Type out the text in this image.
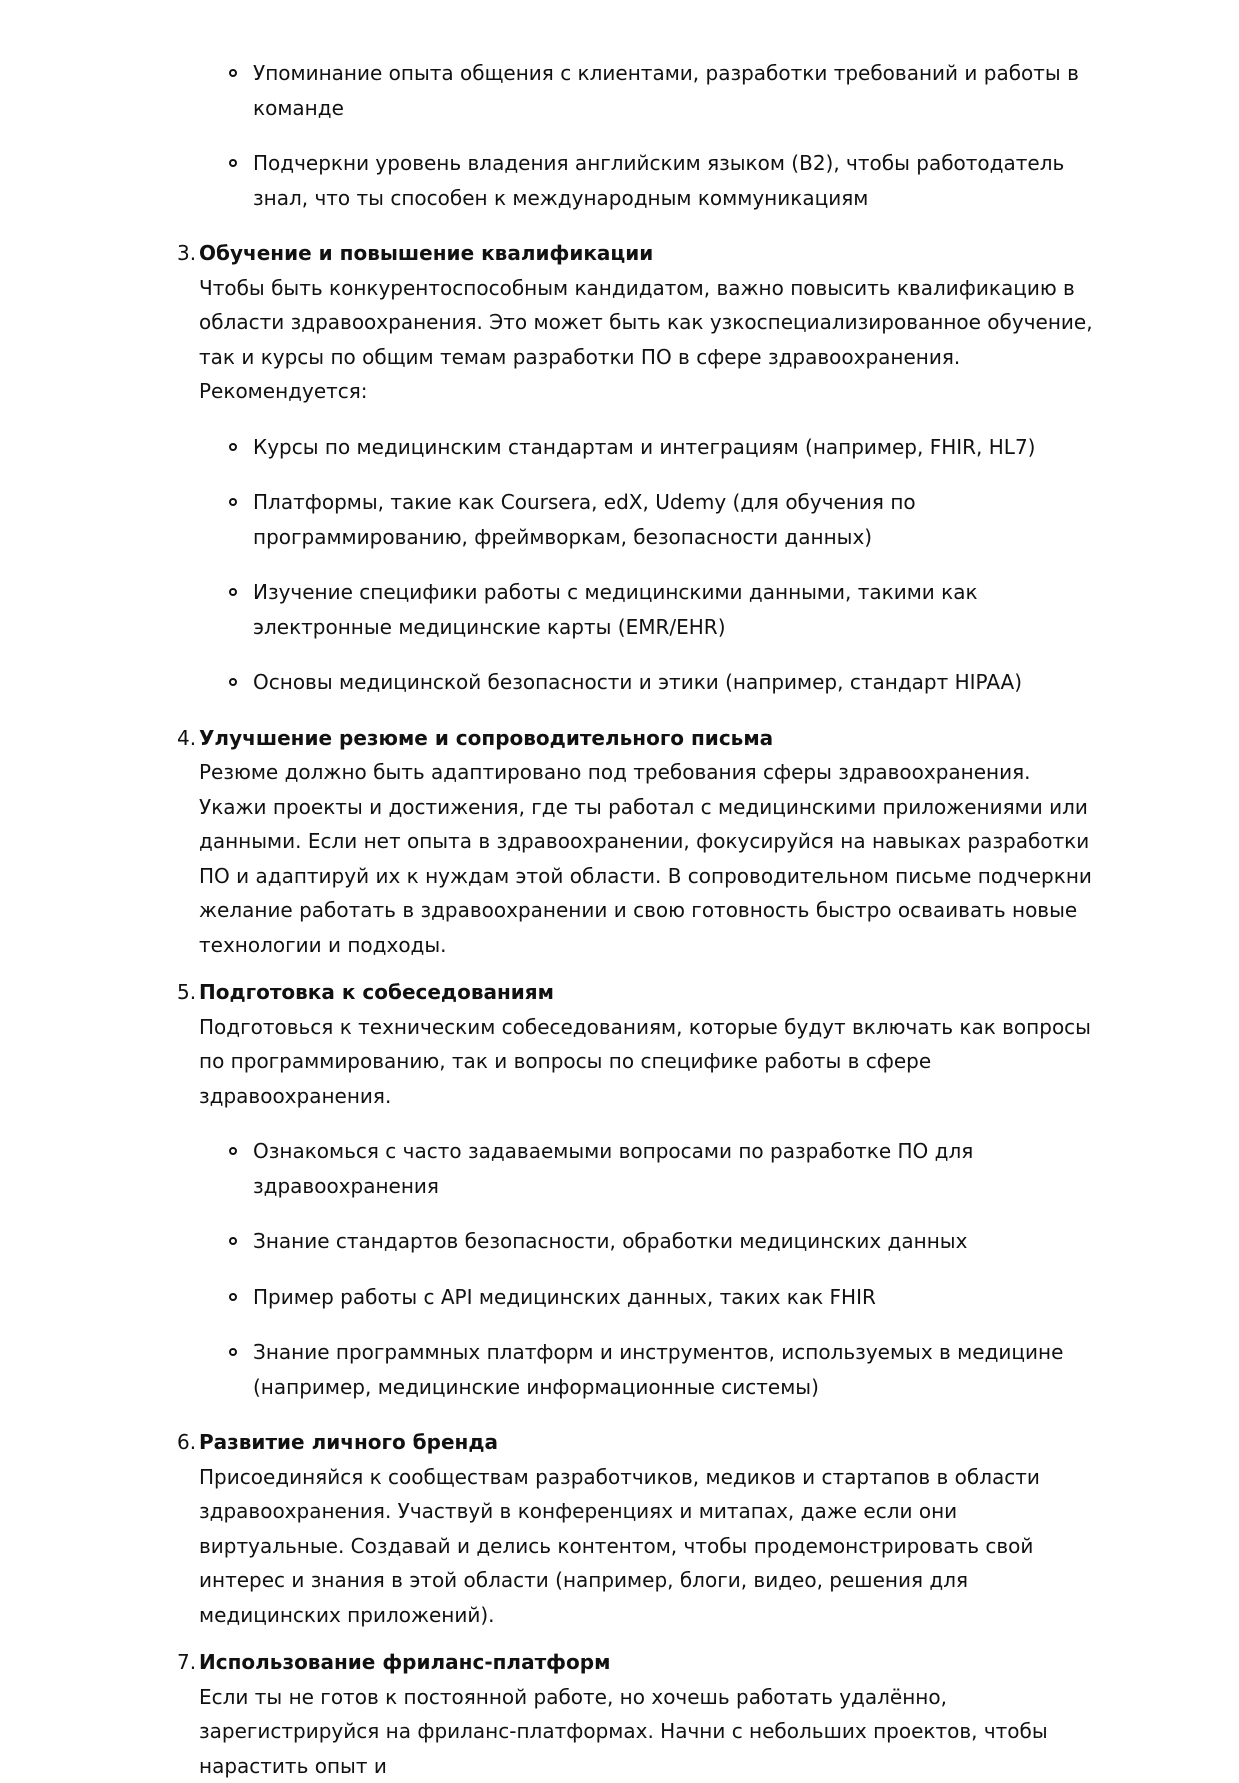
Упоминание опыта общения с клиентами, разработки требований и работы в команде
Подчеркни уровень владения английским языком (B2), чтобы работодатель знал, что ты способен к международным коммуникациям
3. Обучение и повышение квалификации

Чтобы быть конкурентоспособным кандидатом, важно повысить квалификацию в области здравоохранения. Это может быть как узкоспециализированное обучение, так и курсы по общим темам разработки ПО в сфере здравоохранения.

Рекомендуется:

Курсы по медицинским стандартам и интеграциям (например, FHIR, HL7)
Платформы, такие как Coursera, edX, Udemy (для обучения по программированию, фреймворкам, безопасности данных)
Изучение специфики работы с медицинскими данными, такими как электронные медицинские карты (EMR/EHR)
Основы медицинской безопасности и этики (например, стандарт HIPAA)
4. Улучшение резюме и сопроводительного письма

Резюме должно быть адаптировано под требования сферы здравоохранения. Укажи проекты и достижения, где ты работал с медицинскими приложениями или данными. Если нет опыта в здравоохранении, фокусируйся на навыках разработки ПО и адаптируй их к нуждам этой области. В сопроводительном письме подчеркни желание работать в здравоохранении и свою готовность быстро осваивать новые технологии и подходы.

5. Подготовка к собеседованиям

Подготовься к техническим собеседованиям, которые будут включать как вопросы по программированию, так и вопросы по специфике работы в сфере здравоохранения.

Ознакомься с часто задаваемыми вопросами по разработке ПО для здравоохранения
Знание стандартов безопасности, обработки медицинских данных
Пример работы с API медицинских данных, таких как FHIR
Знание программных платформ и инструментов, используемых в медицине (например, медицинские информационные системы)
6. Развитие личного бренда

Присоединяйся к сообществам разработчиков, медиков и стартапов в области здравоохранения. Участвуй в конференциях и митапах, даже если они виртуальные. Создавай и делись контентом, чтобы продемонстрировать свой интерес и знания в этой области (например, блоги, видео, решения для медицинских приложений).

7. Использование фриланс-платформ

Если ты не готов к постоянной работе, но хочешь работать удалённо, зарегистрируйся на фриланс-платформах. Начни с небольших проектов, чтобы нарастить опыт и
